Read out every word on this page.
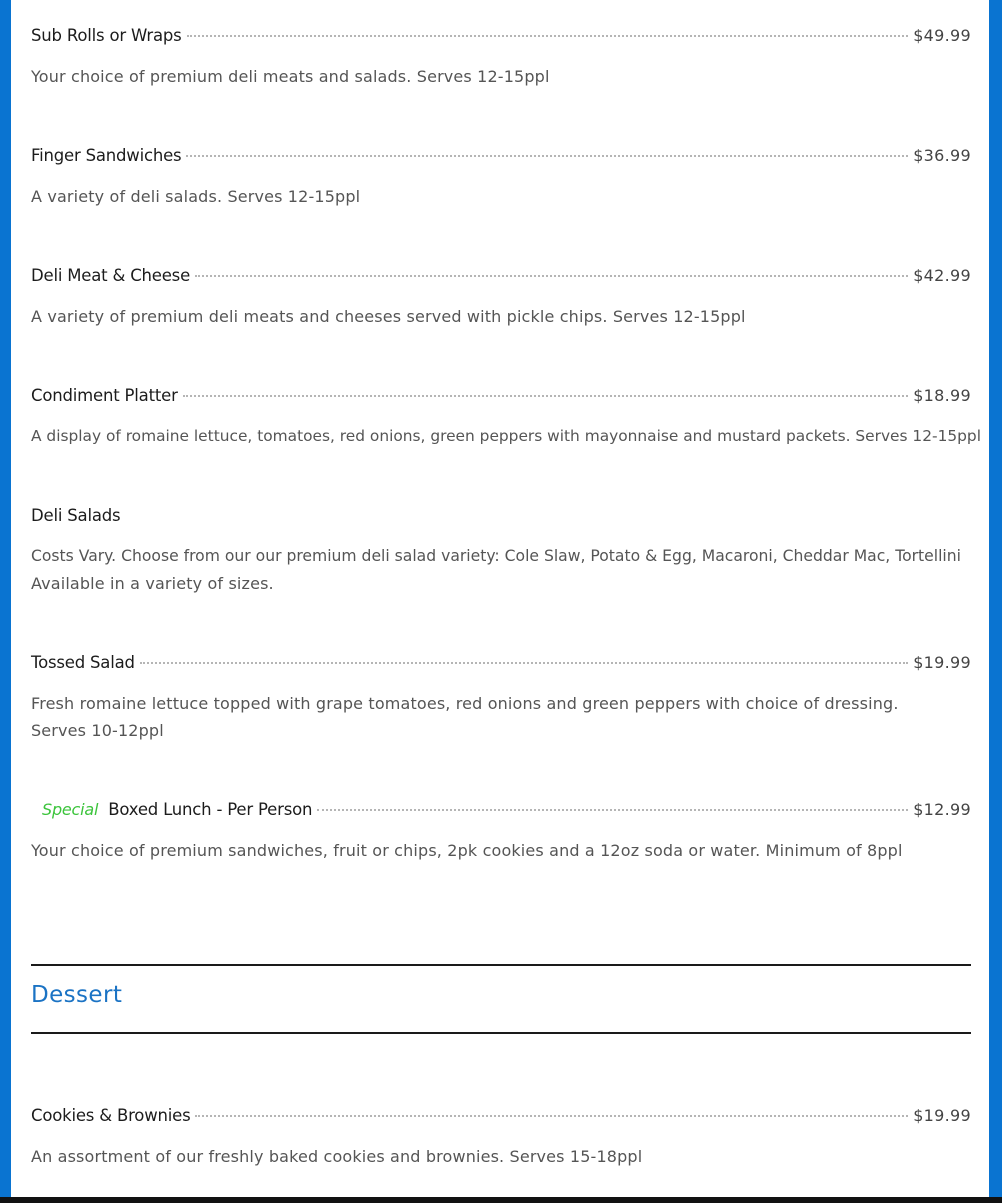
Sub Rolls or Wraps	$49.99
Your choice of premium deli meats and salads. Serves 12-15ppl
Finger Sandwiches	$36.99
A variety of deli salads. Serves 12-15ppl
Deli Meat & Cheese	$42.99
A variety of premium deli meats and cheeses served with pickle chips. Serves 12-15ppl
Condiment Platter	$18.99
A display of romaine lettuce, tomatoes, red onions, green peppers with mayonnaise and mustard packets. Serves 12-15ppl
Deli Salads
Costs Vary. Choose from our our premium deli salad variety: Cole Slaw, Potato & Egg, Macaroni, Cheddar Mac, Tortellini
Available in a variety of sizes.
Tossed Salad	$19.99
Fresh romaine lettuce topped with grape tomatoes, red onions and green peppers with choice of dressing. Serves 10-12ppl
Special Boxed Lunch - Per Person	$12.99
Your choice of premium sandwiches, fruit or chips, 2pk cookies and a 12oz soda or water. Minimum of 8ppl
Dessert
Cookies & Brownies	$19.99
An assortment of our freshly baked cookies and brownies. Serves 15-18ppl
